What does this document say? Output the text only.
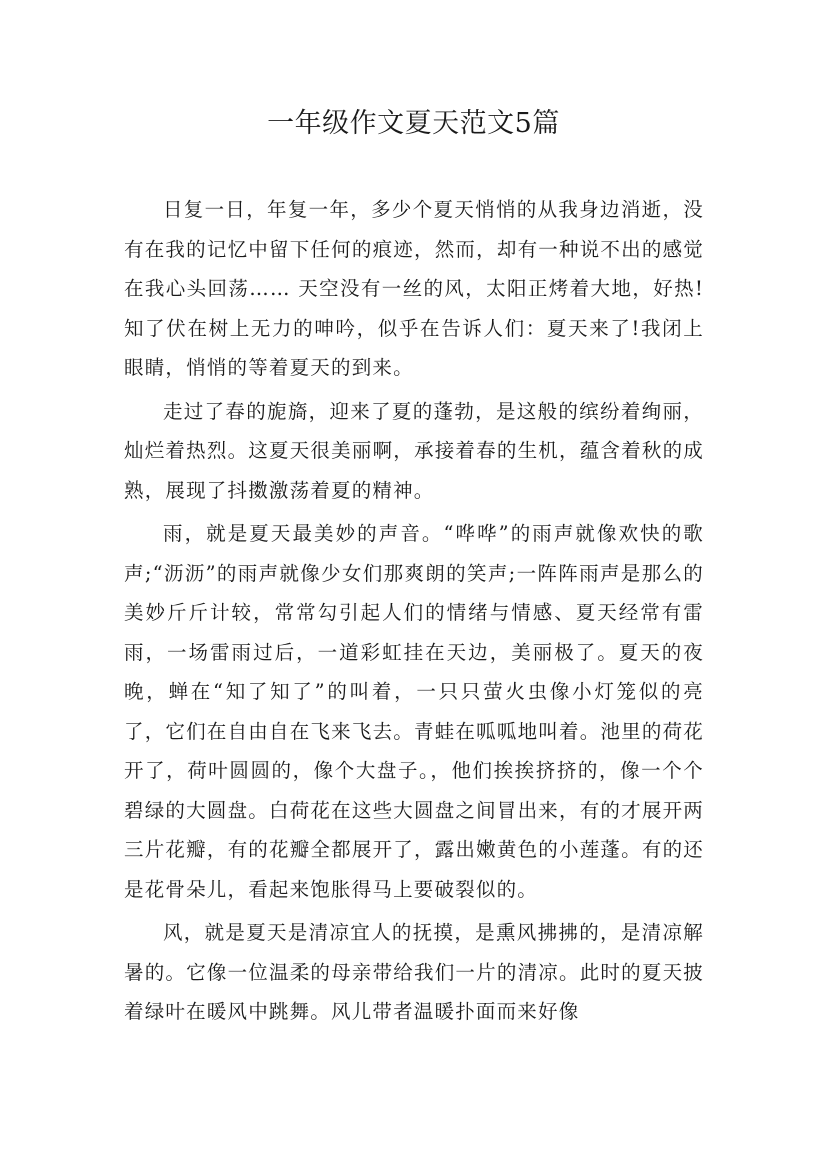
一年级作文夏天范文5篇

日复一日，年复一年，多少个夏天悄悄的从我身边消逝，没有在我的记忆中留下任何的痕迹，然而，却有一种说不出的感觉在我心头回荡…… 天空没有一丝的风，太阳正烤着大地，好热!知了伏在树上无力的呻吟，似乎在告诉人们：夏天来了!我闭上眼睛，悄悄的等着夏天的到来。

走过了春的旎旖，迎来了夏的蓬勃，是这般的缤纷着绚丽，灿烂着热烈。这夏天很美丽啊，承接着春的生机，蕴含着秋的成熟，展现了抖擞激荡着夏的精神。

雨，就是夏天最美妙的声音。“哗哗”的雨声就像欢快的歌声;“沥沥”的雨声就像少女们那爽朗的笑声;一阵阵雨声是那么的美妙斤斤计较，常常勾引起人们的情绪与情感、夏天经常有雷雨，一场雷雨过后，一道彩虹挂在天边，美丽极了。夏天的夜晚，蝉在“知了知了”的叫着，一只只萤火虫像小灯笼似的亮了，它们在自由自在飞来飞去。青蛙在呱呱地叫着。池里的荷花开了，荷叶圆圆的，像个大盘子。，他们挨挨挤挤的，像一个个碧绿的大圆盘。白荷花在这些大圆盘之间冒出来，有的才展开两三片花瓣，有的花瓣全都展开了，露出嫩黄色的小莲蓬。有的还是花骨朵儿，看起来饱胀得马上要破裂似的。

风，就是夏天是清凉宜人的抚摸，是熏风拂拂的，是清凉解暑的。它像一位温柔的母亲带给我们一片的清凉。此时的夏天披着绿叶在暖风中跳舞。风儿带者温暖扑面而来好像
